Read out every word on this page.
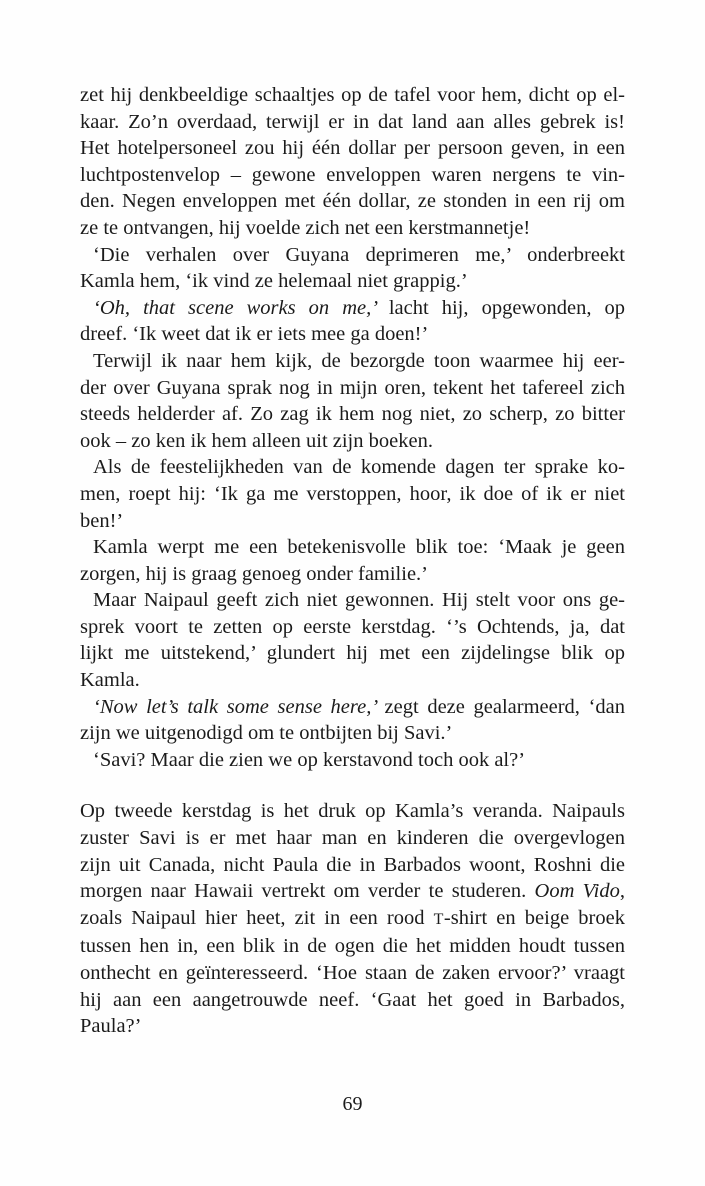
zet hij denkbeeldige schaaltjes op de tafel voor hem, dicht op el-
kaar. Zo’n overdaad, terwijl er in dat land aan alles gebrek is!
Het hotelpersoneel zou hij één dollar per persoon geven, in een
luchtpostenvelop – gewone enveloppen waren nergens te vin-
den. Negen enveloppen met één dollar, ze stonden in een rij om
ze te ontvangen, hij voelde zich net een kerstmannetje!
‘Die verhalen over Guyana deprimeren me,’ onderbreekt
Kamla hem, ‘ik vind ze helemaal niet grappig.’
‘Oh, that scene works on me,’ lacht hij, opgewonden, op
dreef. ‘Ik weet dat ik er iets mee ga doen!’
Terwijl ik naar hem kijk, de bezorgde toon waarmee hij eer-
der over Guyana sprak nog in mijn oren, tekent het tafereel zich
steeds helderder af. Zo zag ik hem nog niet, zo scherp, zo bitter
ook – zo ken ik hem alleen uit zijn boeken.
Als de feestelijkheden van de komende dagen ter sprake ko-
men, roept hij: ‘Ik ga me verstoppen, hoor, ik doe of ik er niet
ben!’
Kamla werpt me een betekenisvolle blik toe: ‘Maak je geen
zorgen, hij is graag genoeg onder familie.’
Maar Naipaul geeft zich niet gewonnen. Hij stelt voor ons ge-
sprek voort te zetten op eerste kerstdag. ‘’s Ochtends, ja, dat
lijkt me uitstekend,’ glundert hij met een zijdelingse blik op
Kamla.
‘Now let’s talk some sense here,’ zegt deze gealarmeerd, ‘dan
zijn we uitgenodigd om te ontbijten bij Savi.’
‘Savi? Maar die zien we op kerstavond toch ook al?’
Op tweede kerstdag is het druk op Kamla’s veranda. Naipauls
zuster Savi is er met haar man en kinderen die overgevlogen
zijn uit Canada, nicht Paula die in Barbados woont, Roshni die
morgen naar Hawaii vertrekt om verder te studeren. Oom Vido,
zoals Naipaul hier heet, zit in een rood T-shirt en beige broek
tussen hen in, een blik in de ogen die het midden houdt tussen
onthecht en geïnteresseerd. ‘Hoe staan de zaken ervoor?’ vraagt
hij aan een aangetrouwde neef. ‘Gaat het goed in Barbados,
Paula?’
69
